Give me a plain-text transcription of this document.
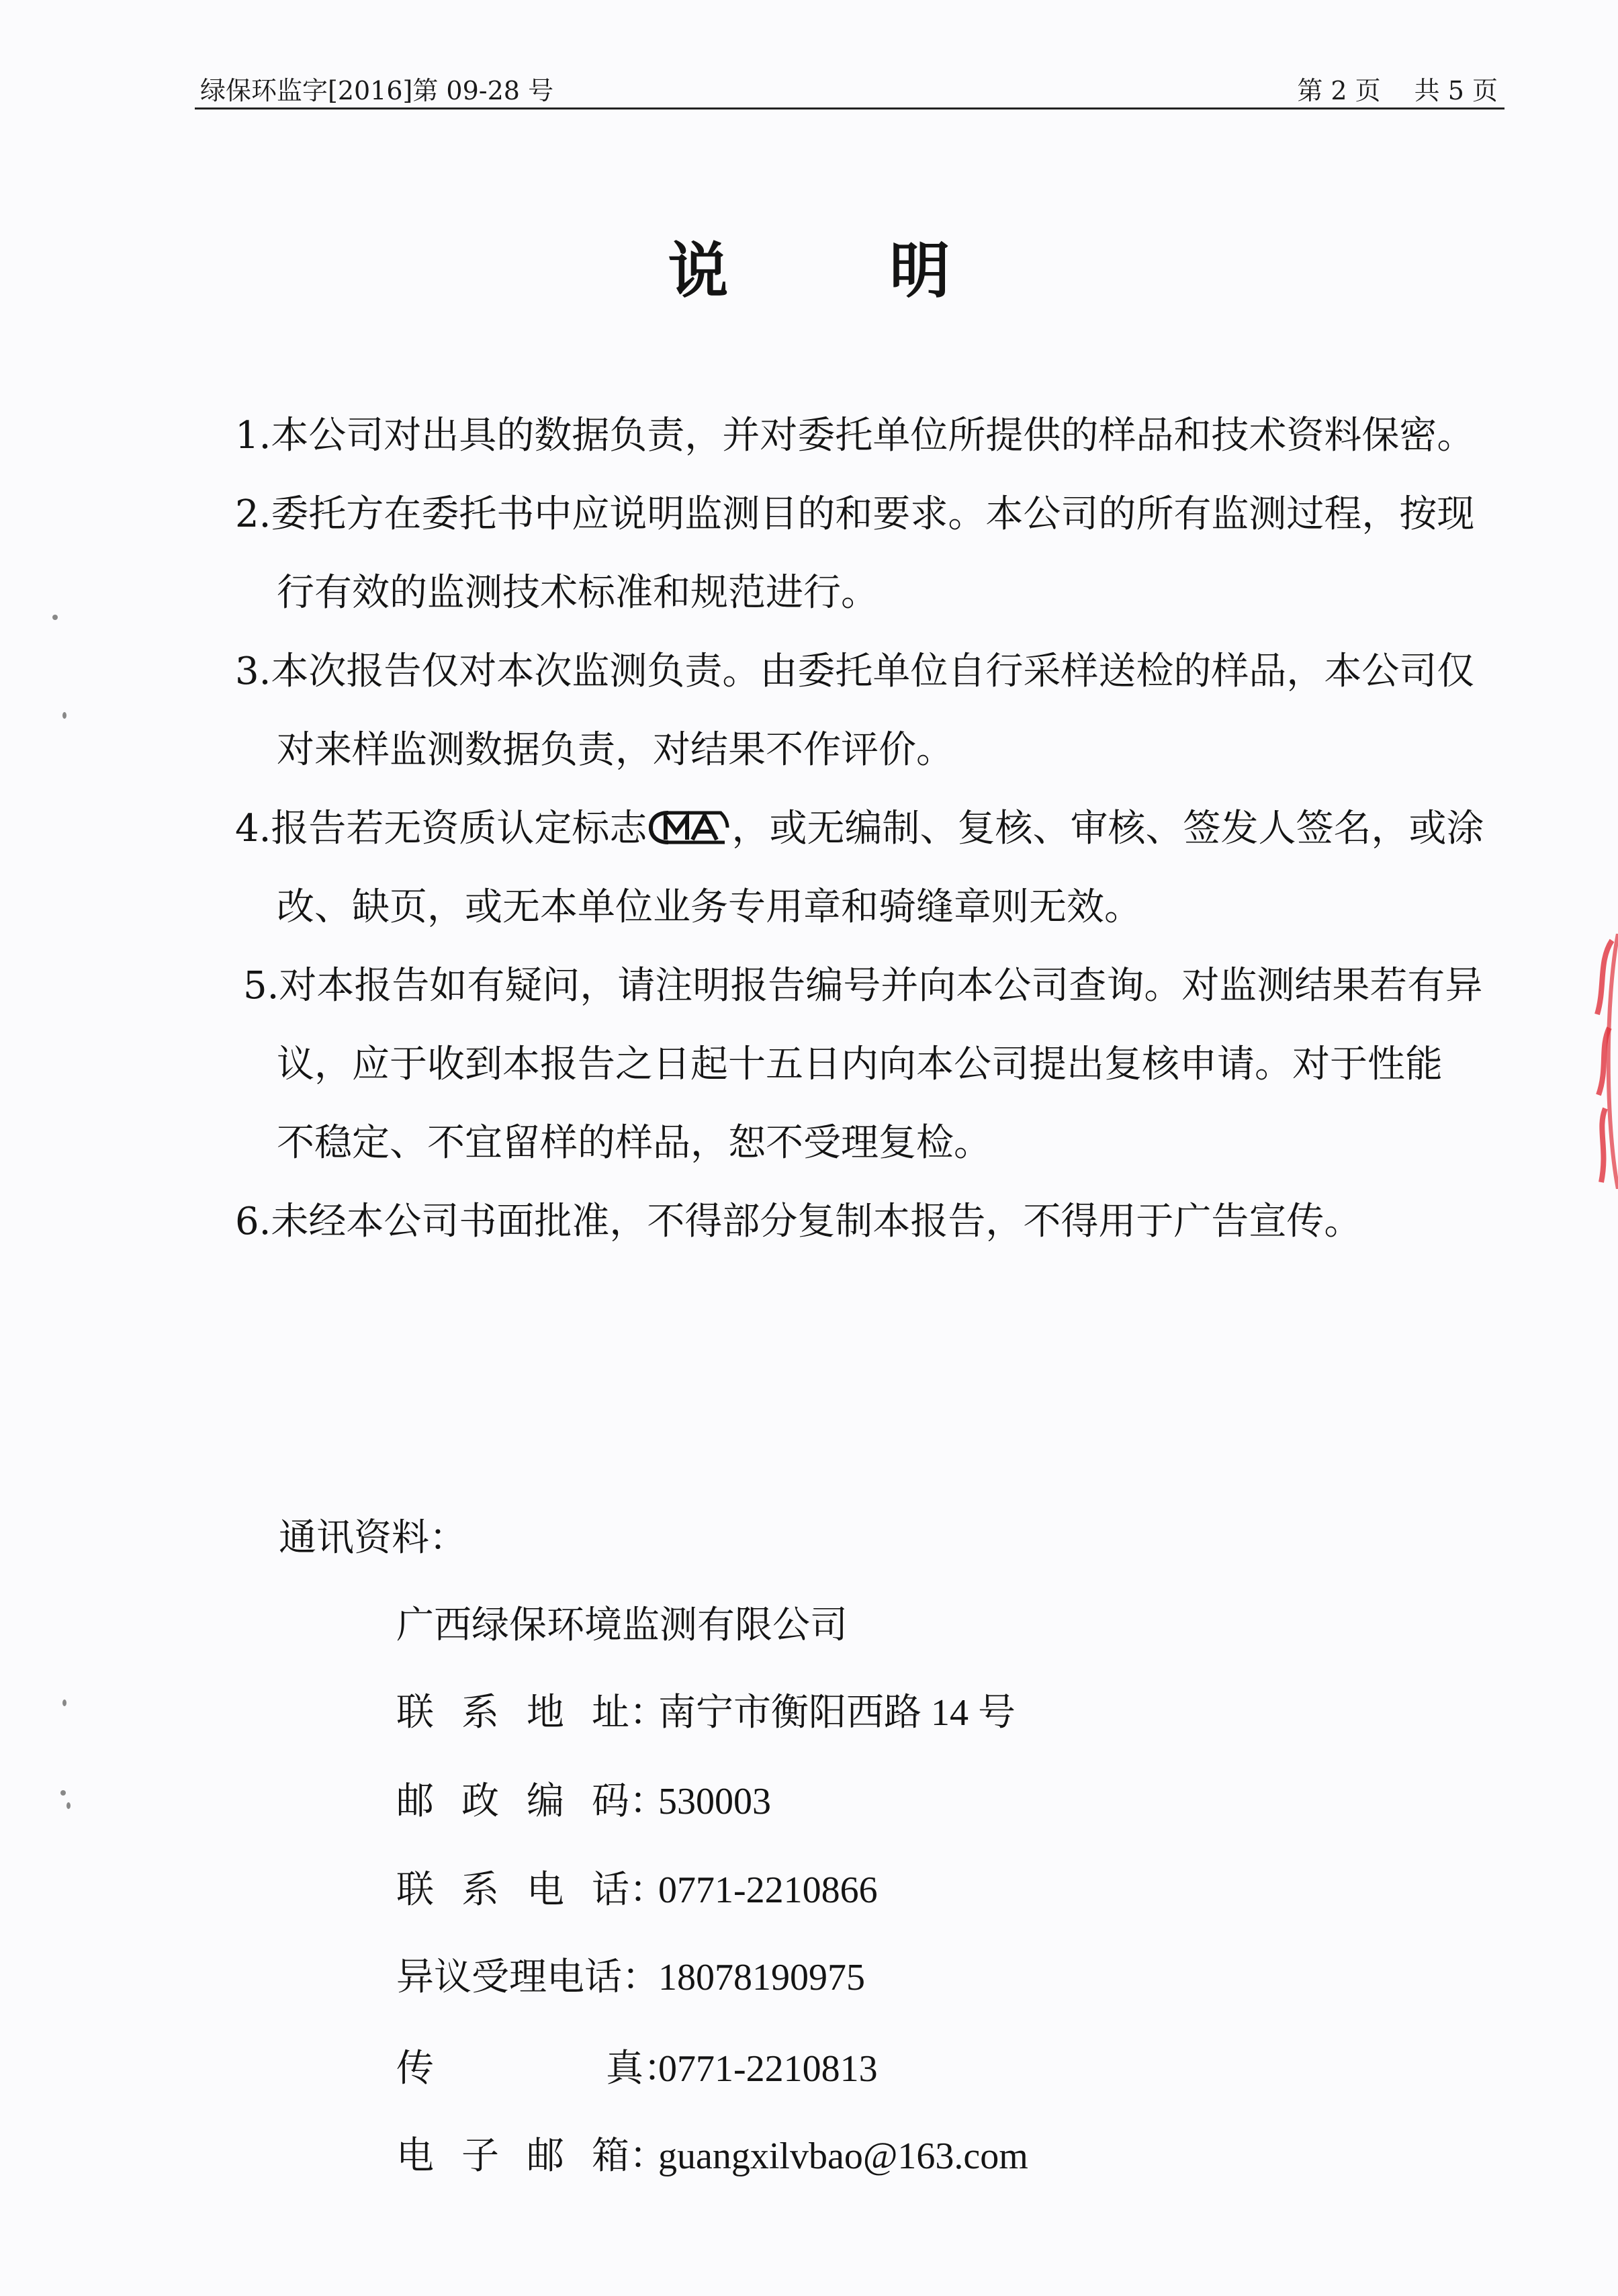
绿保环监字[2016]第 09-28 号	第 2 页 共 5 页
说明
1.本公司对出具的数据负责，并对委托单位所提供的样品和技术资料保密。
2.委托方在委托书中应说明监测目的和要求。本公司的所有监测过程，按现
行有效的监测技术标准和规范进行。
3.本次报告仅对本次监测负责。由委托单位自行采样送检的样品，本公司仅
对来样监测数据负责，对结果不作评价。
4.报告若无资质认定标志 ，或无编制、复核、审核、签发人签名，或涂
改、缺页，或无本单位业务专用章和骑缝章则无效。
5.对本报告如有疑问，请注明报告编号并向本公司查询。对监测结果若有异
议，应于收到本报告之日起十五日内向本公司提出复核申请。对于性能
不稳定、不宜留样的样品，恕不受理复检。
6.未经本公司书面批准，不得部分复制本报告，不得用于广告宣传。
通讯资料：
广西绿保环境监测有限公司
联 系 地 址：南宁市衡阳西路 14 号
邮 政 编 码：530003
联 系 电 话：0771-2210866
异议受理电话：18078190975
传	真：0771-2210813
电 子 邮 箱：guangxilvbao@163.com
